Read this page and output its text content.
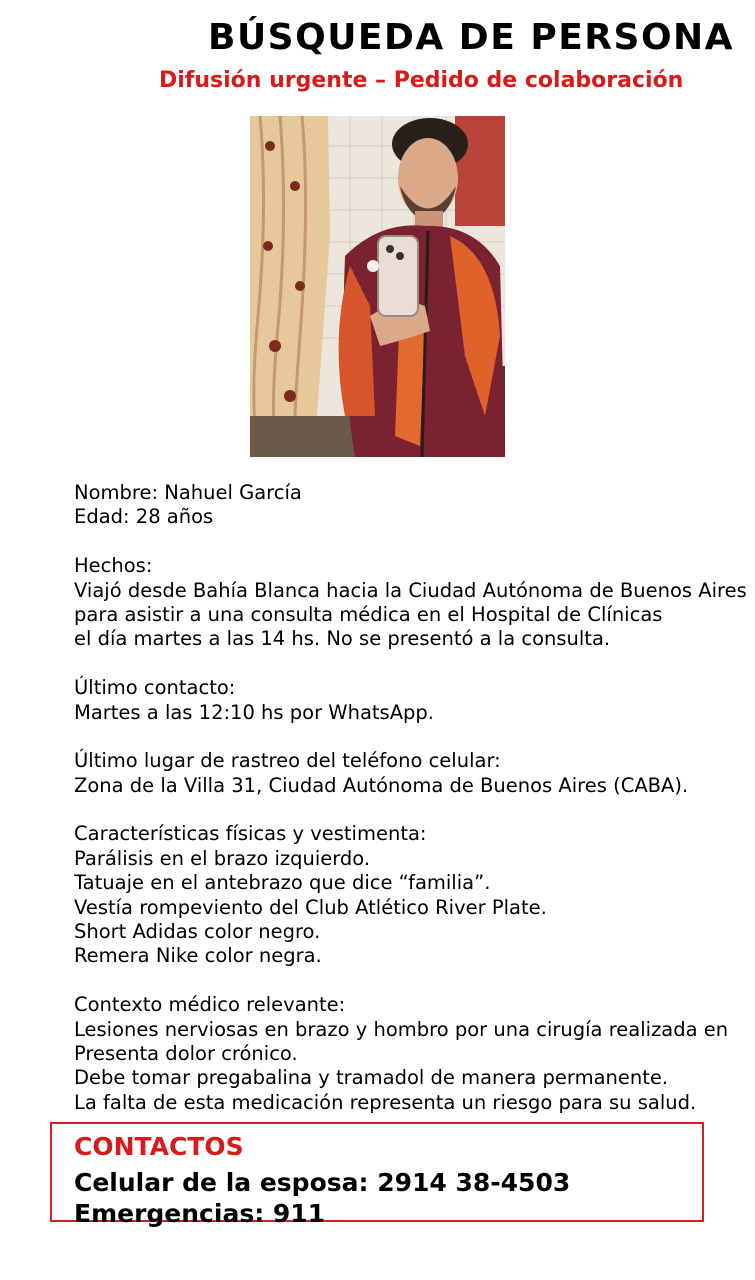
BÚSQUEDA DE PERSONA
Difusión urgente – Pedido de colaboración
Nombre: Nahuel García
Edad: 28 años
Hechos:
Viajó desde Bahía Blanca hacia la Ciudad Autónoma de Buenos Aires
para asistir a una consulta médica en el Hospital de Clínicas
el día martes a las 14 hs. No se presentó a la consulta.
Último contacto:
Martes a las 12:10 hs por WhatsApp.
Último lugar de rastreo del teléfono celular:
Zona de la Villa 31, Ciudad Autónoma de Buenos Aires (CABA).
Características físicas y vestimenta:
Parálisis en el brazo izquierdo.
Tatuaje en el antebrazo que dice “familia”.
Vestía rompeviento del Club Atlético River Plate.
Short Adidas color negro.
Remera Nike color negra.
Contexto médico relevante:
Lesiones nerviosas en brazo y hombro por una cirugía realizada en
Presenta dolor crónico.
Debe tomar pregabalina y tramadol de manera permanente.
La falta de esta medicación representa un riesgo para su salud.
CONTACTOS
Celular de la esposa: 2914 38-4503
Emergencias: 911
